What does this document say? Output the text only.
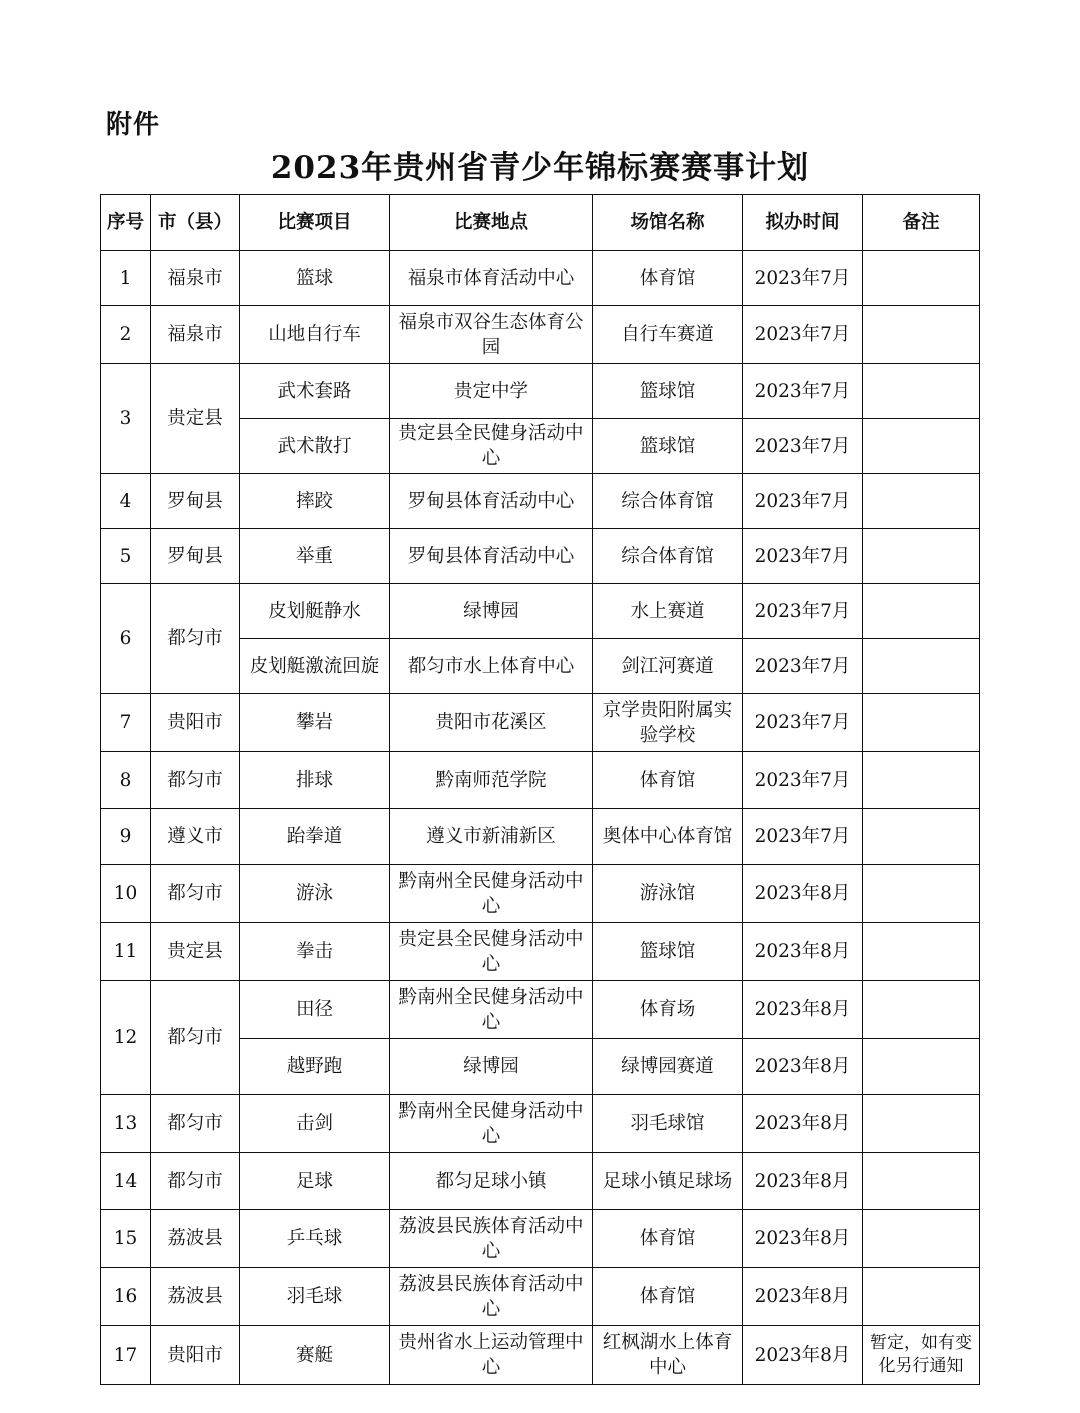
附件
2023年贵州省青少年锦标赛赛事计划
序号	市（县）	比赛项目	比赛地点	场馆名称	拟办时间	备注
1	福泉市	篮球	福泉市体育活动中心	体育馆	2023年7月	
2	福泉市	山地自行车	福泉市双谷生态体育公园	自行车赛道	2023年7月	
3	贵定县	武术套路	贵定中学	篮球馆	2023年7月	
		武术散打	贵定县全民健身活动中心	篮球馆	2023年7月	
4	罗甸县	摔跤	罗甸县体育活动中心	综合体育馆	2023年7月	
5	罗甸县	举重	罗甸县体育活动中心	综合体育馆	2023年7月	
6	都匀市	皮划艇静水	绿博园	水上赛道	2023年7月	
		皮划艇激流回旋	都匀市水上体育中心	剑江河赛道	2023年7月	
7	贵阳市	攀岩	贵阳市花溪区	京学贵阳附属实验学校	2023年7月	
8	都匀市	排球	黔南师范学院	体育馆	2023年7月	
9	遵义市	跆拳道	遵义市新浦新区	奥体中心体育馆	2023年7月	
10	都匀市	游泳	黔南州全民健身活动中心	游泳馆	2023年8月	
11	贵定县	拳击	贵定县全民健身活动中心	篮球馆	2023年8月	
12	都匀市	田径	黔南州全民健身活动中心	体育场	2023年8月	
		越野跑	绿博园	绿博园赛道	2023年8月	
13	都匀市	击剑	黔南州全民健身活动中心	羽毛球馆	2023年8月	
14	都匀市	足球	都匀足球小镇	足球小镇足球场	2023年8月	
15	荔波县	乒乓球	荔波县民族体育活动中心	体育馆	2023年8月	
16	荔波县	羽毛球	荔波县民族体育活动中心	体育馆	2023年8月	
17	贵阳市	赛艇	贵州省水上运动管理中心	红枫湖水上体育中心	2023年8月	暂定，如有变化另行通知
